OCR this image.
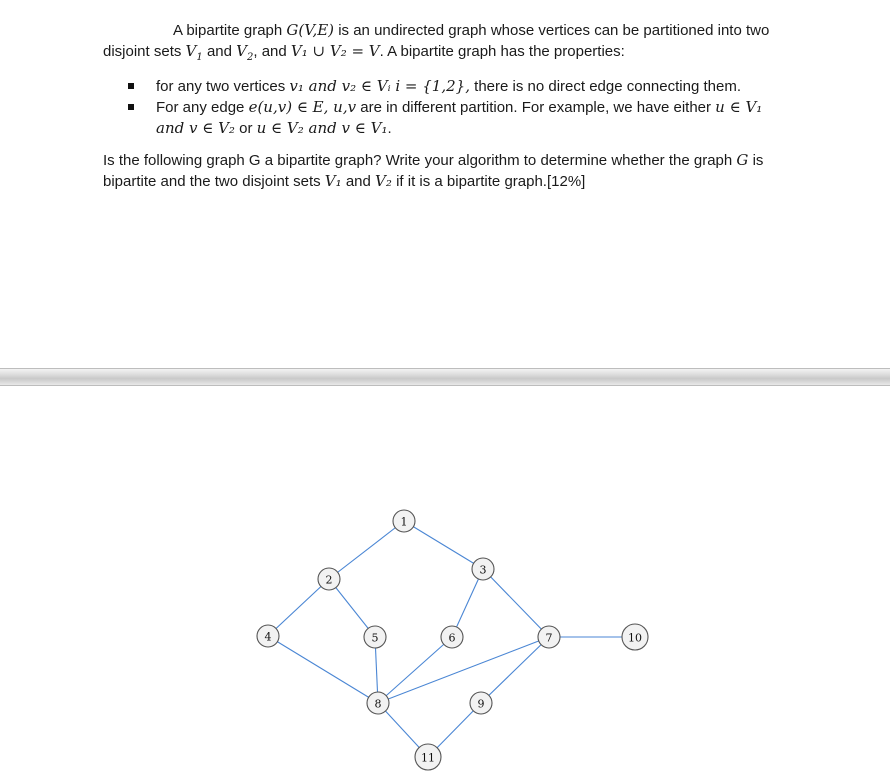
A bipartite graph G(V,E) is an undirected graph whose vertices can be partitioned into two disjoint sets $V_1$ and $V_2$, and V₁ ∪ V₂ = V. A bipartite graph has the properties:

for any two vertices v₁ and v₂ ∈ Vᵢ i = {1,2}, there is no direct edge connecting them.
For any edge e(u,v) ∈ E, u,v are in different partition. For example, we have either u ∈ V₁ and v ∈ V₂ or u ∈ V₂ and v ∈ V₁.

Is the following graph G a bipartite graph? Write your algorithm to determine whether the graph G is bipartite and the two disjoint sets V₁ and V₂ if it is a bipartite graph.[12%]

1
2
3
4	5	6	7
8	9
10
11
